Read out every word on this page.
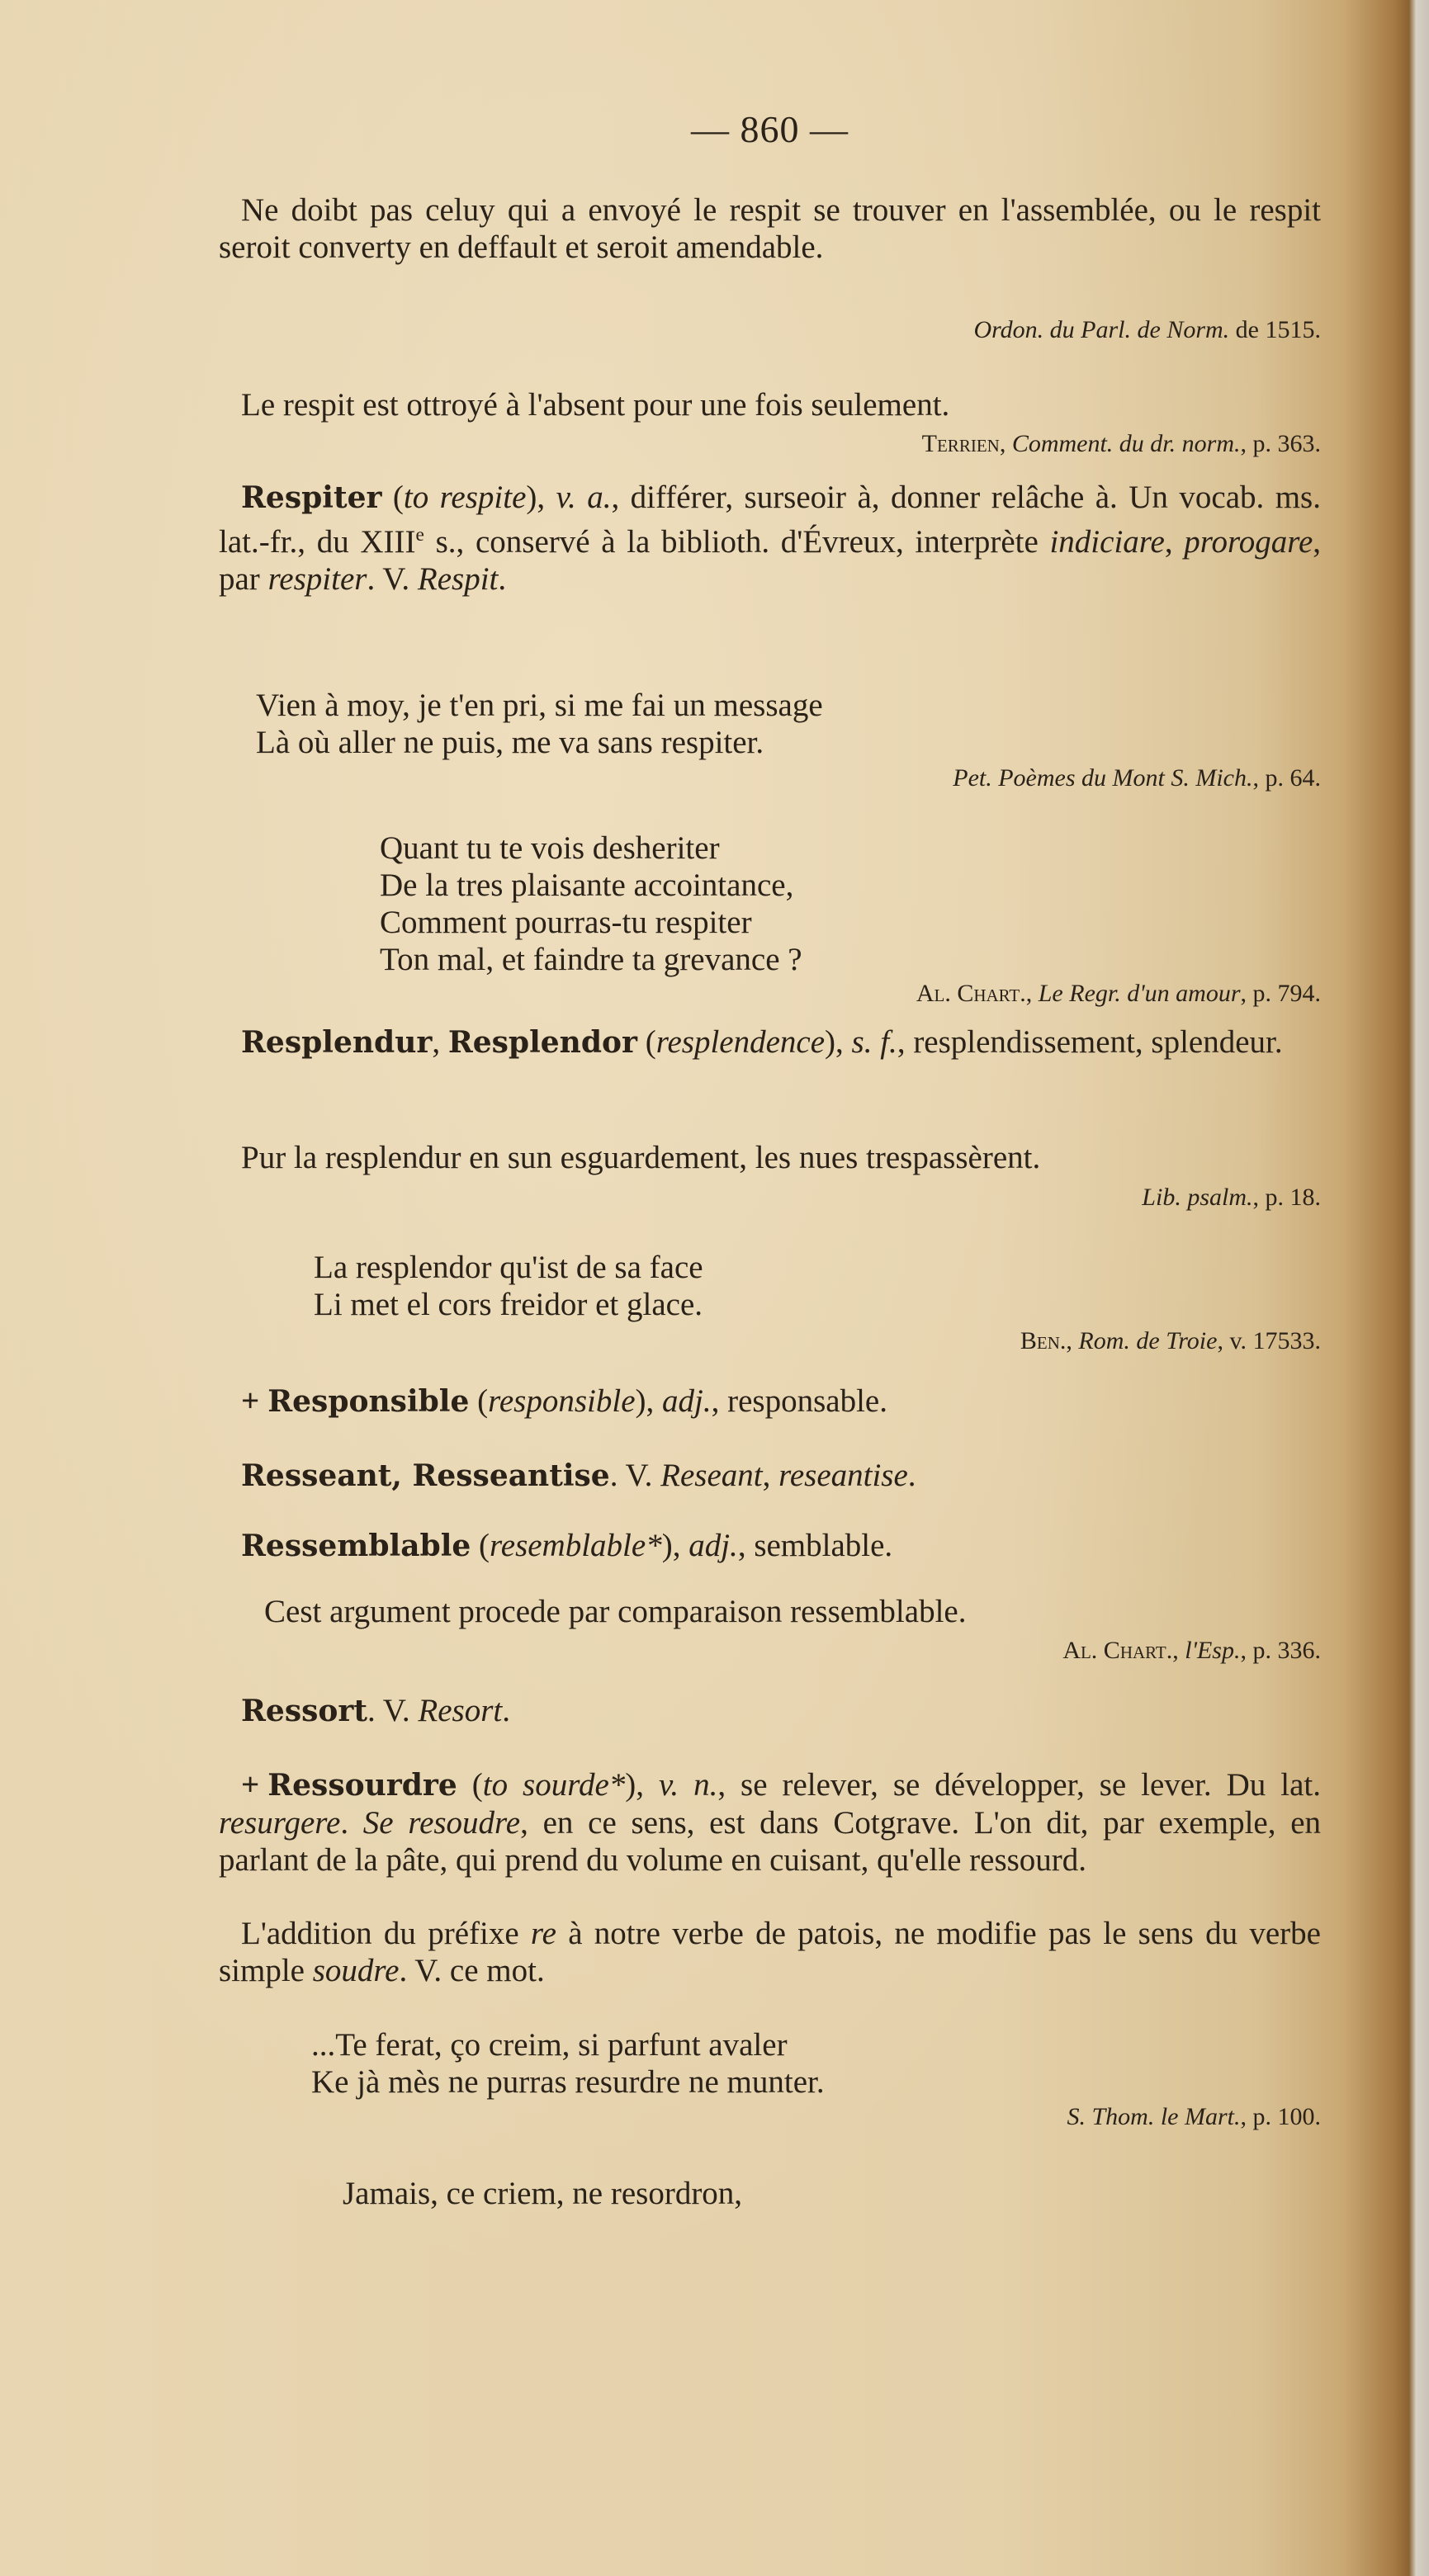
— 860 —

Ne doibt pas celuy qui a envoyé le respit se trouver en l'assemblée, ou le respit seroit converty en deffault et seroit amendable.

Ordon. du Parl. de Norm. de 1515.

Le respit est ottroyé à l'absent pour une fois seulement.

Terrien, Comment. du dr. norm., p. 363.

Respiter (to respite), v. a., différer, surseoir à, donner relâche à. Un vocab. ms. lat.-fr., du XIIIe s., conservé à la biblioth. d'Évreux, interprète indiciare, prorogare, par respiter. V. Respit.

Vien à moy, je t'en pri, si me fai un message
Là où aller ne puis, me va sans respiter.
Pet. Poèmes du Mont S. Mich., p. 64.
Quant tu te vois desheriter
De la tres plaisante accointance,
Comment pourras-tu respiter
Ton mal, et faindre ta grevance ?
Al. Chart., Le Regr. d'un amour, p. 794.

Resplendur, Resplendor (resplendence), s. f., resplendissement, splendeur.

Pur la resplendur en sun esguardement, les nues trespassèrent.

Lib. psalm., p. 18.
La resplendor qu'ist de sa face
Li met el cors freidor et glace.
Ben., Rom. de Troie, v. 17533.

+ Responsible (responsible), adj., responsable.

Resseant, Resseantise. V. Reseant, reseantise.

Ressemblable (resemblable*), adj., semblable.

Cest argument procede par comparaison ressemblable.

Al. Chart., l'Esp., p. 336.

Ressort. V. Resort.

+ Ressourdre (to sourde*), v. n., se relever, se développer, se lever. Du lat. resurgere. Se resoudre, en ce sens, est dans Cotgrave. L'on dit, par exemple, en parlant de la pâte, qui prend du volume en cuisant, qu'elle ressourd.

L'addition du préfixe re à notre verbe de patois, ne modifie pas le sens du verbe simple soudre. V. ce mot.

...Te ferat, ço creim, si parfunt avaler
Ke jà mès ne purras resurdre ne munter.
S. Thom. le Mart., p. 100.
Jamais, ce criem, ne resordron,
